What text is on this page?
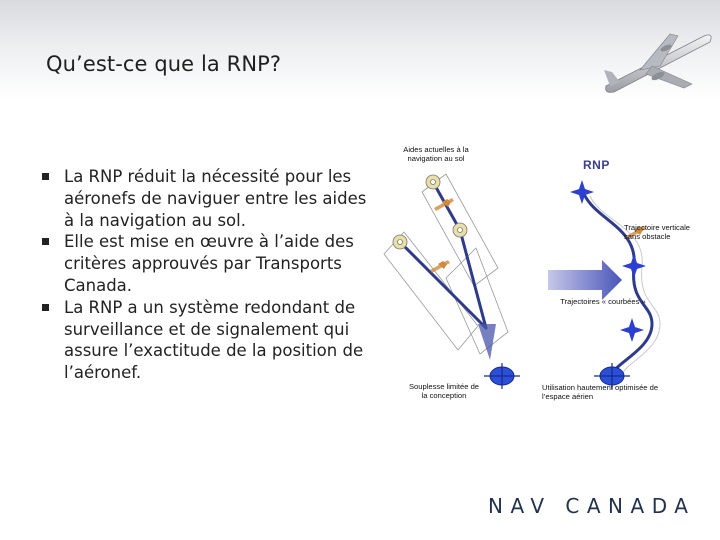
Qu’est-ce que la RNP?
La RNP réduit la nécessité pour les aéronefs de naviguer entre les aides à la navigation au sol.
Elle est mise en œuvre à l’aide des critères approuvés par Transports Canada.
La RNP a un système redondant de surveillance et de signalement qui assure l’exactitude de la position de l’aéronef.
Aides actuelles à la navigation au sol	RNP
Trajectoire verticale sans obstacle
Trajectoires « courbées »
Souplesse limitée de la conception
Utilisation hautement optimisée de l’espace aérien
NAV CANADA
